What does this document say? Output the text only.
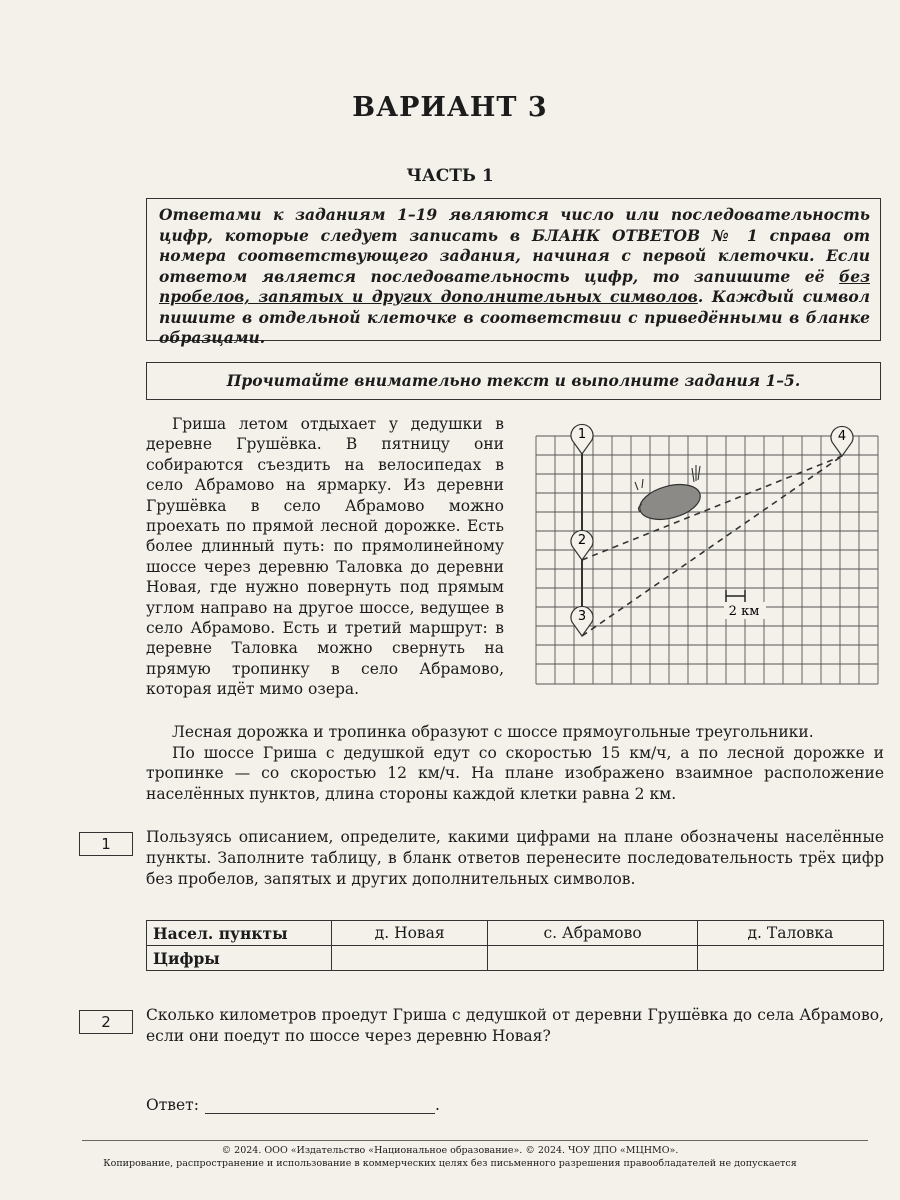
ВАРИАНТ 3
ЧАСТЬ 1
Ответами к заданиям 1–19 являются число или последовательность цифр, которые следует записать в БЛАНК ОТВЕТОВ № 1 справа от номера соответствующего задания, начиная с первой клеточки. Если ответом является последовательность цифр, то запишите её без пробелов, запятых и других дополнительных символов. Каждый символ пишите в отдельной клеточке в соответствии с приведёнными в бланке образцами.
Прочитайте внимательно текст и выполните задания 1–5.
Гриша летом отдыхает у дедушки в деревне Грушёвка. В пятницу они собираются съездить на велосипедах в село Абрамово на ярмарку. Из деревни Грушёвка в село Абрамово можно проехать по прямой лесной дорожке. Есть более длинный путь: по прямолинейному шоссе через деревню Таловка до деревни Новая, где нужно повернуть под прямым углом направо на другое шоссе, ведущее в село Абрамово. Есть и третий маршрут: в деревне Таловка можно свернуть на прямую тропинку в село Абрамово, которая идёт мимо озера.
2 км
1
2
3
4
Лесная дорожка и тропинка образуют с шоссе прямоугольные треугольники.
По шоссе Гриша с дедушкой едут со скоростью 15 км/ч, а по лесной дорожке и тропинке — со скоростью 12 км/ч. На плане изображено взаимное расположение населённых пунктов, длина стороны каждой клетки равна 2 км.
1	Пользуясь описанием, определите, какими цифрами на плане обозначены населённые пункты. Заполните таблицу, в бланк ответов перенесите последовательность трёх цифр без пробелов, запятых и других дополнительных символов.
Насел. пункты	д. Новая	с. Абрамово	д. Таловка
Цифры			
2	Сколько километров проедут Гриша с дедушкой от деревни Грушёвка до села Абрамово, если они поедут по шоссе через деревню Новая?
Ответ:	.
© 2024. ООО «Издательство «Национальное образование». © 2024. ЧОУ ДПО «МЦНМО».
Копирование, распространение и использование в коммерческих целях без письменного разрешения правообладателей не допускается
